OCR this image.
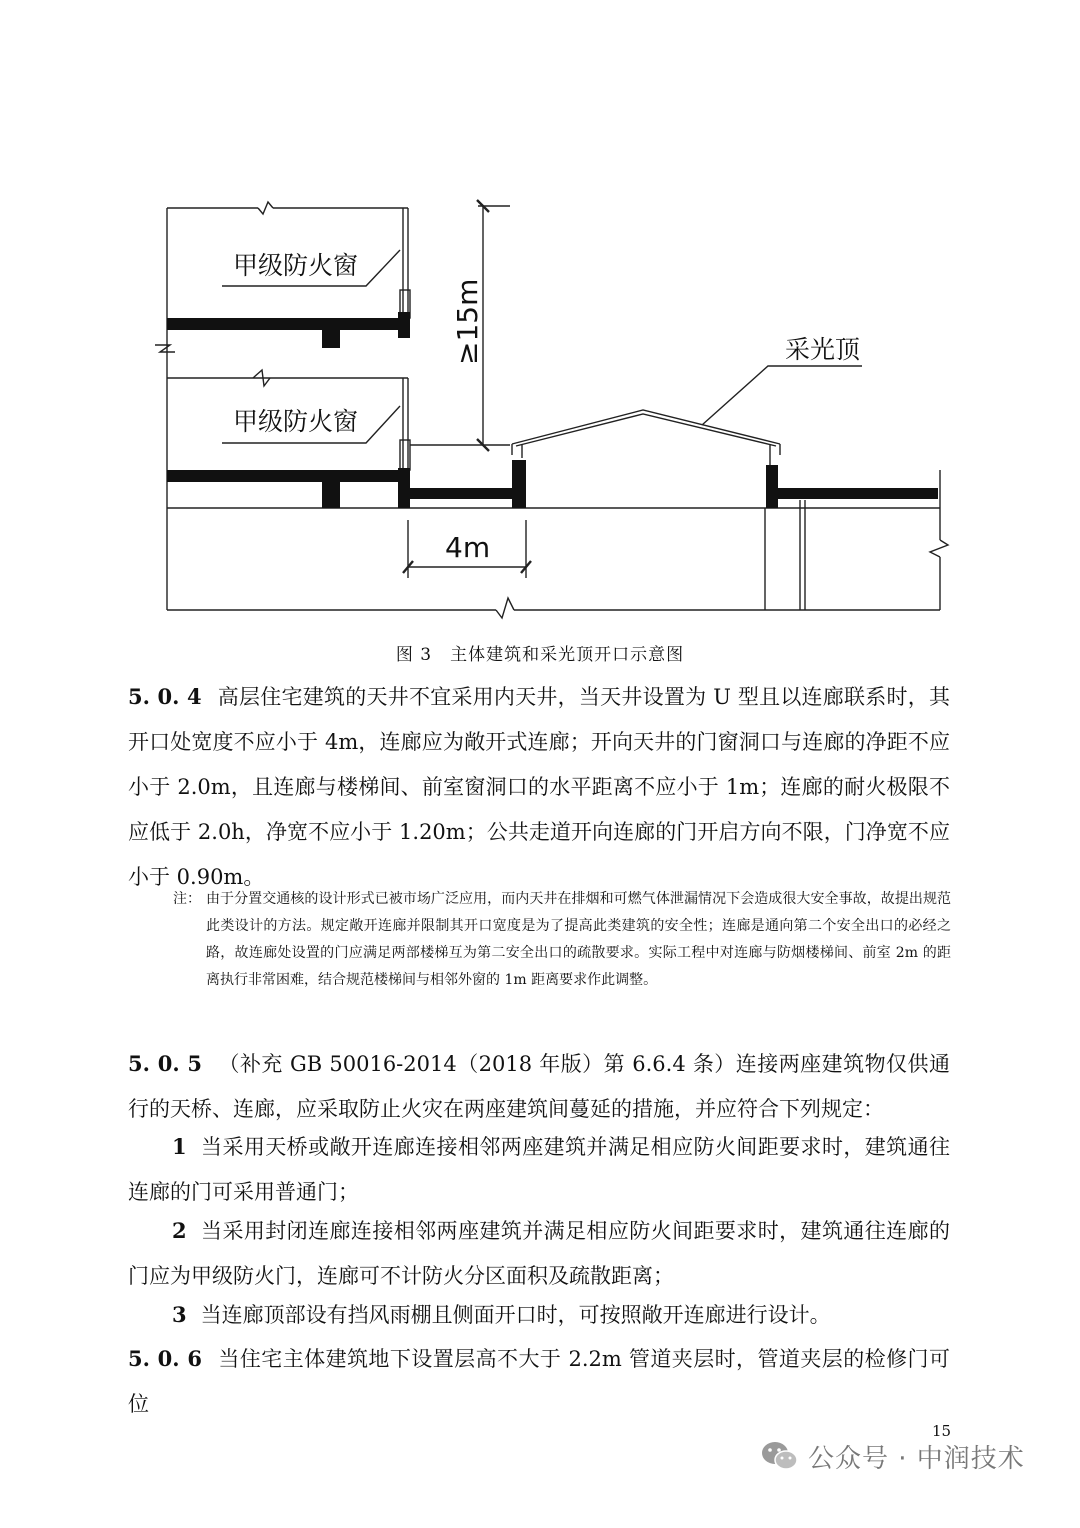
甲级防火窗
甲级防火窗
采光顶
4m
≥15m
图 3　主体建筑和采光顶开口示意图
5. 0. 4 高层住宅建筑的天井不宜采用内天井，当天井设置为 U 型且以连廊联系时，其开口处宽度不应小于 4m，连廊应为敞开式连廊；开向天井的门窗洞口与连廊的净距不应小于 2.0m，且连廊与楼梯间、前室窗洞口的水平距离不应小于 1m；连廊的耐火极限不应低于 2.0h，净宽不应小于 1.20m；公共走道开向连廊的门开启方向不限，门净宽不应小于 0.90m。
注： 由于分置交通核的设计形式已被市场广泛应用，而内天井在排烟和可燃气体泄漏情况下会造成很大安全事故，故提出规范此类设计的方法。规定敞开连廊并限制其开口宽度是为了提高此类建筑的安全性；连廊是通向第二个安全出口的必经之路，故连廊处设置的门应满足两部楼梯互为第二安全出口的疏散要求。实际工程中对连廊与防烟楼梯间、前室 2m 的距离执行非常困难，结合规范楼梯间与相邻外窗的 1m 距离要求作此调整。
5. 0. 5 （补充 GB 50016-2014（2018 年版）第 6.6.4 条）连接两座建筑物仅供通行的天桥、连廊，应采取防止火灾在两座建筑间蔓延的措施，并应符合下列规定：
1 当采用天桥或敞开连廊连接相邻两座建筑并满足相应防火间距要求时，建筑通往连廊的门可采用普通门；
2 当采用封闭连廊连接相邻两座建筑并满足相应防火间距要求时，建筑通往连廊的门应为甲级防火门，连廊可不计防火分区面积及疏散距离；
3 当连廊顶部设有挡风雨棚且侧面开口时，可按照敞开连廊进行设计。
5. 0. 6 当住宅主体建筑地下设置层高不大于 2.2m 管道夹层时，管道夹层的检修门可位
15
公众号 · 中润技术
